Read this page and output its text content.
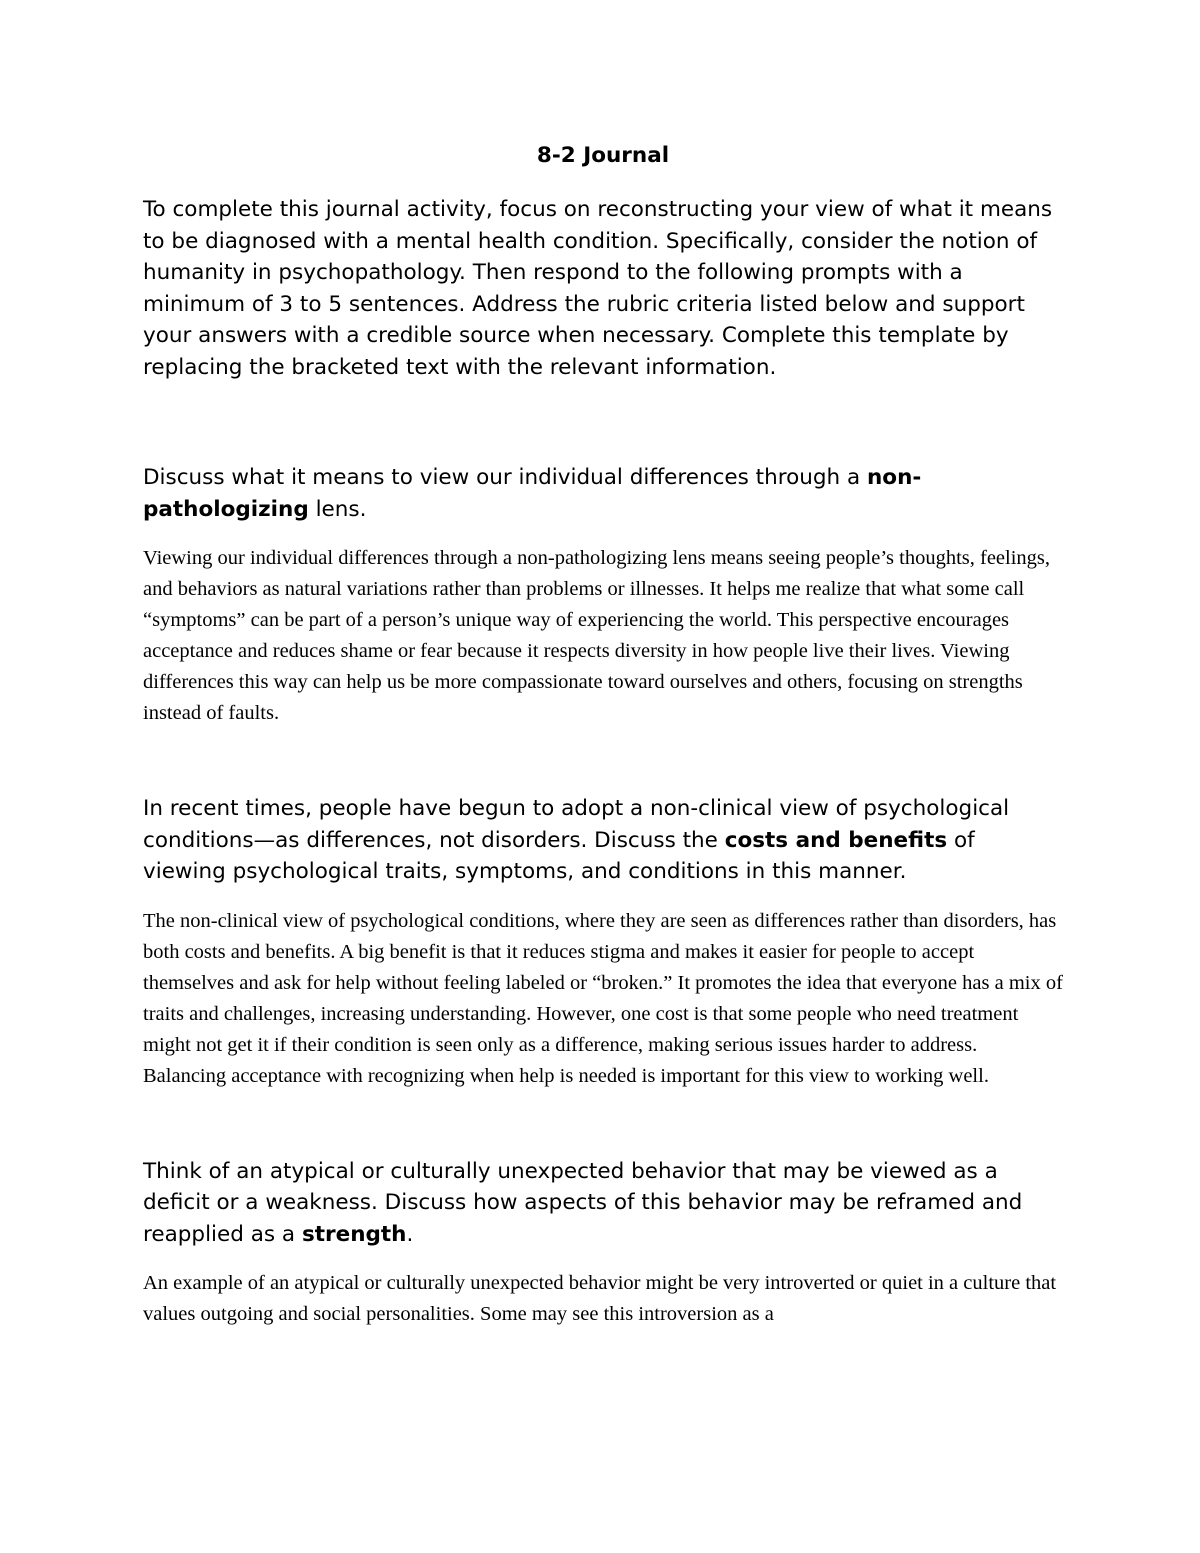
8-2 Journal

To complete this journal activity, focus on reconstructing your view of what it means to be diagnosed with a mental health condition. Specifically, consider the notion of humanity in psychopathology. Then respond to the following prompts with a minimum of 3 to 5 sentences. Address the rubric criteria listed below and support your answers with a credible source when necessary. Complete this template by replacing the bracketed text with the relevant information.

Discuss what it means to view our individual differences through a non-pathologizing lens.

Viewing our individual differences through a non-pathologizing lens means seeing people’s thoughts, feelings, and behaviors as natural variations rather than problems or illnesses. It helps me realize that what some call “symptoms” can be part of a person’s unique way of experiencing the world. This perspective encourages acceptance and reduces shame or fear because it respects diversity in how people live their lives. Viewing differences this way can help us be more compassionate toward ourselves and others, focusing on strengths instead of faults.

In recent times, people have begun to adopt a non-clinical view of psychological conditions—as differences, not disorders. Discuss the costs and benefits of viewing psychological traits, symptoms, and conditions in this manner.

The non-clinical view of psychological conditions, where they are seen as differences rather than disorders, has both costs and benefits. A big benefit is that it reduces stigma and makes it easier for people to accept themselves and ask for help without feeling labeled or “broken.” It promotes the idea that everyone has a mix of traits and challenges, increasing understanding. However, one cost is that some people who need treatment might not get it if their condition is seen only as a difference, making serious issues harder to address. Balancing acceptance with recognizing when help is needed is important for this view to working well.

Think of an atypical or culturally unexpected behavior that may be viewed as a deficit or a weakness. Discuss how aspects of this behavior may be reframed and reapplied as a strength.

An example of an atypical or culturally unexpected behavior might be very introverted or quiet in a culture that values outgoing and social personalities. Some may see this introversion as a
